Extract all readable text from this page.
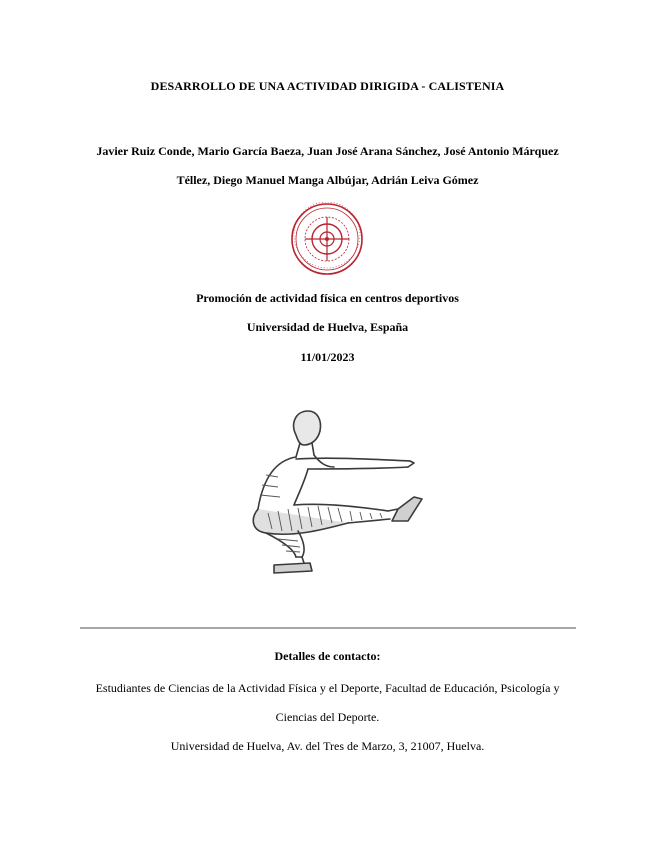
DESARROLLO DE UNA ACTIVIDAD DIRIGIDA - CALISTENIA
Javier Ruiz Conde, Mario García Baeza, Juan José Arana Sánchez, José Antonio Márquez
Téllez, Diego Manuel Manga Albújar, Adrián Leiva Gómez
Promoción de actividad física en centros deportivos
Universidad de Huelva, España
11/01/2023
Detalles de contacto:
Estudiantes de Ciencias de la Actividad Física y el Deporte, Facultad de Educación, Psicología y
Ciencias del Deporte.
Universidad de Huelva, Av. del Tres de Marzo, 3, 21007, Huelva.
